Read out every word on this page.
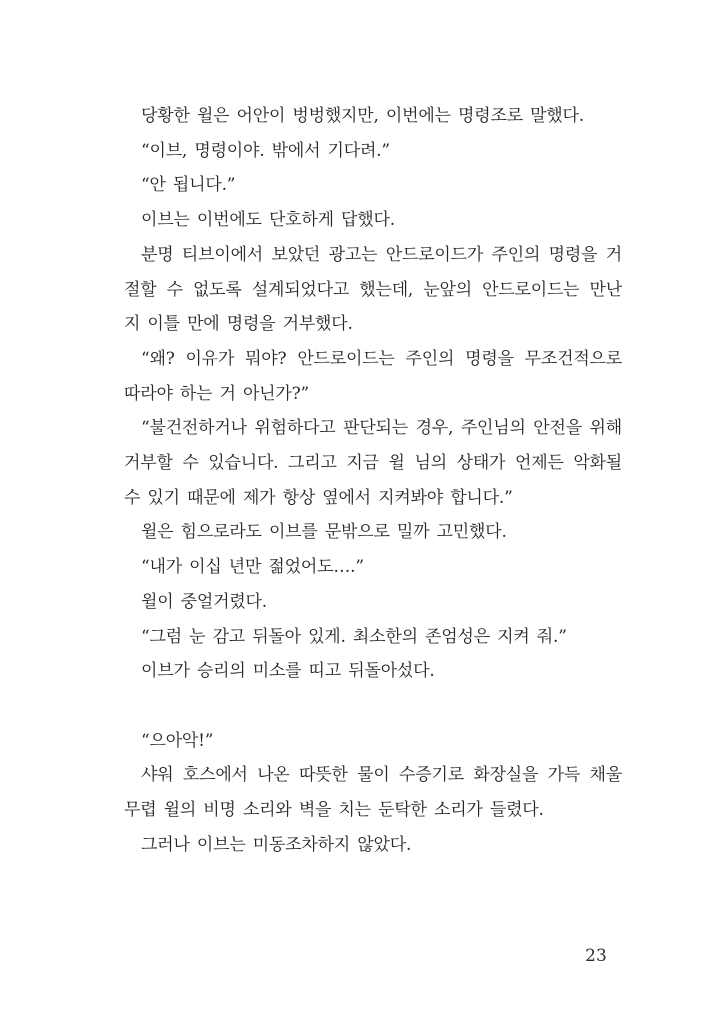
당황한 윌은 어안이 벙벙했지만, 이번에는 명령조로 말했다.

“이브, 명령이야. 밖에서 기다려.”

“안 됩니다.”

이브는 이번에도 단호하게 답했다.

분명 티브이에서 보았던 광고는 안드로이드가 주인의 명령을 거절할 수 없도록 설계되었다고 했는데, 눈앞의 안드로이드는 만난 지 이틀 만에 명령을 거부했다.

“왜? 이유가 뭐야? 안드로이드는 주인의 명령을 무조건적으로 따라야 하는 거 아닌가?”

“불건전하거나 위험하다고 판단되는 경우, 주인님의 안전을 위해 거부할 수 있습니다. 그리고 지금 윌 님의 상태가 언제든 악화될 수 있기 때문에 제가 항상 옆에서 지켜봐야 합니다.”

윌은 힘으로라도 이브를 문밖으로 밀까 고민했다.

“내가 이십 년만 젊었어도….”

윌이 중얼거렸다.

“그럼 눈 감고 뒤돌아 있게. 최소한의 존엄성은 지켜 줘.”

이브가 승리의 미소를 띠고 뒤돌아섰다.

“으아악!”

샤워 호스에서 나온 따뜻한 물이 수증기로 화장실을 가득 채울 무렵 윌의 비명 소리와 벽을 치는 둔탁한 소리가 들렸다.

그러나 이브는 미동조차하지 않았다.

23
